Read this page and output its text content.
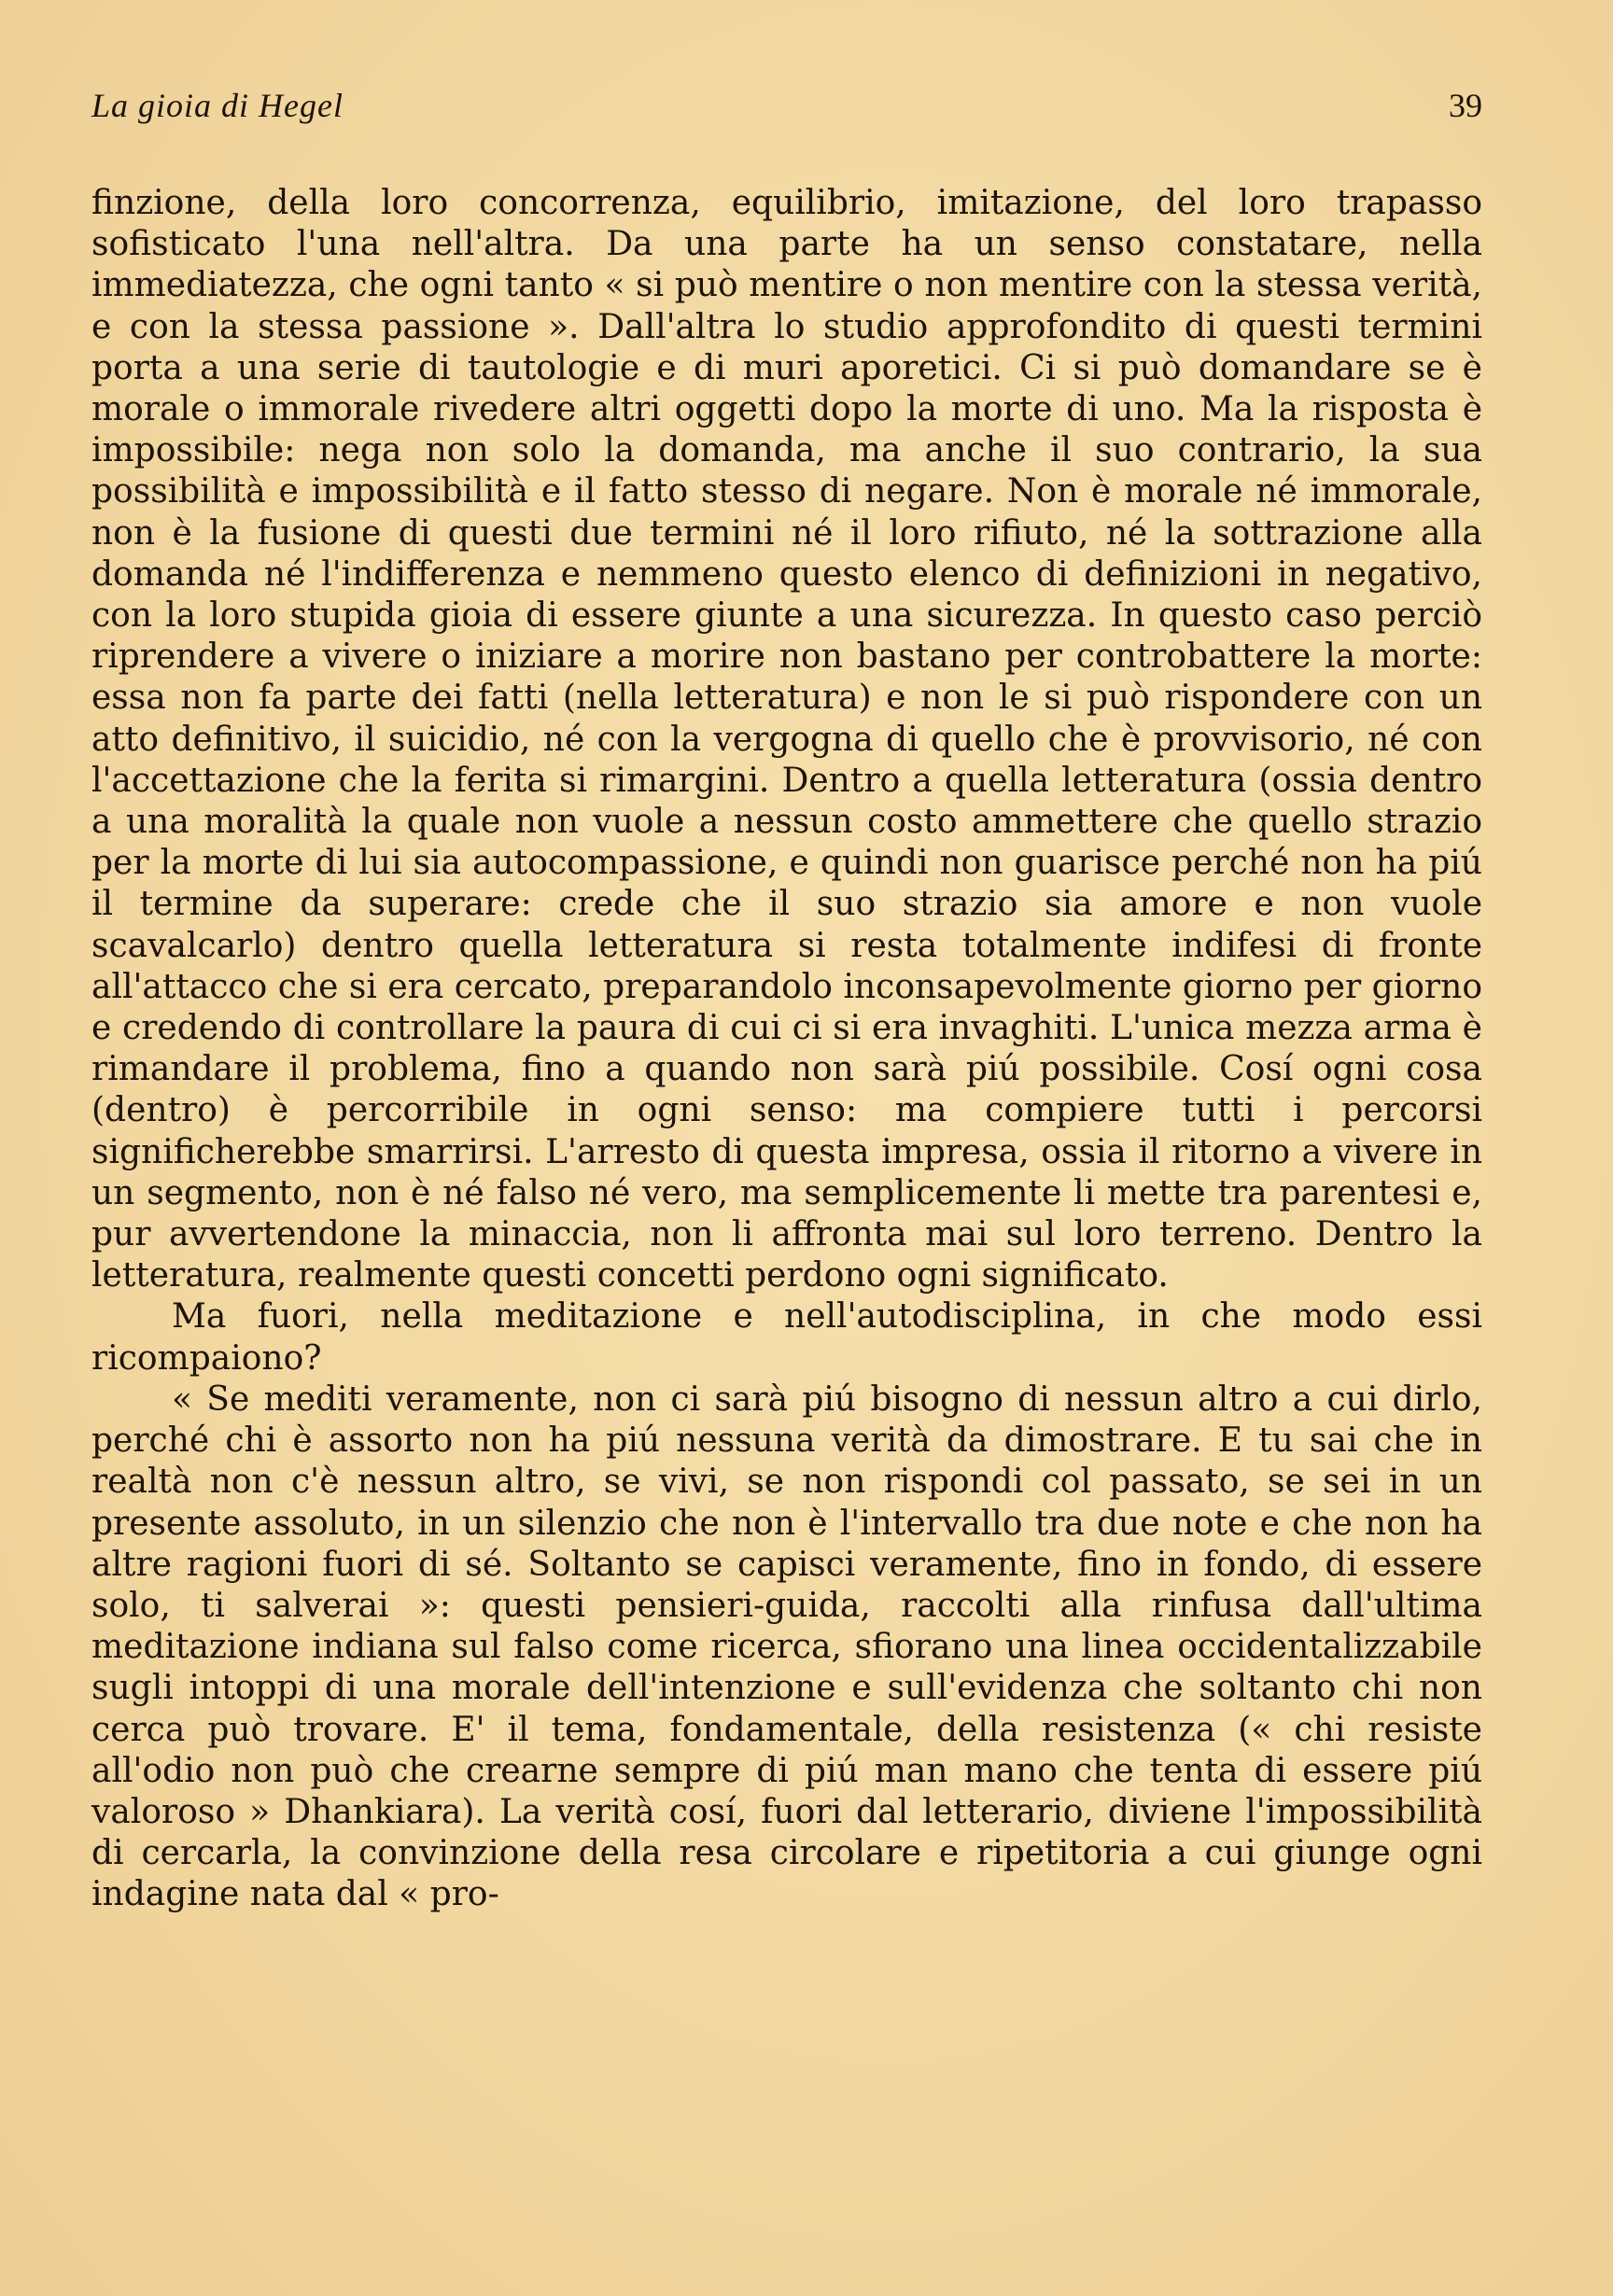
La gioia di Hegel	39

finzione, della loro concorrenza, equilibrio, imitazione, del loro trapasso sofisticato l'una nell'altra. Da una parte ha un senso constatare, nella immediatezza, che ogni tanto « si può mentire o non mentire con la stessa verità, e con la stessa passione ». Dall'altra lo studio approfondito di questi termini porta a una serie di tautologie e di muri aporetici. Ci si può domandare se è morale o immorale rivedere altri oggetti dopo la morte di uno. Ma la risposta è impossibile: nega non solo la domanda, ma anche il suo contrario, la sua possibilità e impossibilità e il fatto stesso di negare. Non è morale né immorale, non è la fusione di questi due termini né il loro rifiuto, né la sottrazione alla domanda né l'indifferenza e nemmeno questo elenco di definizioni in negativo, con la loro stupida gioia di essere giunte a una sicurezza. In questo caso perciò riprendere a vivere o iniziare a morire non bastano per controbattere la morte: essa non fa parte dei fatti (nella letteratura) e non le si può rispondere con un atto definitivo, il suicidio, né con la vergogna di quello che è provvisorio, né con l'accettazione che la ferita si rimargini. Dentro a quella letteratura (ossia dentro a una moralità la quale non vuole a nessun costo ammettere che quello strazio per la morte di lui sia autocompassione, e quindi non guarisce perché non ha piú il termine da superare: crede che il suo strazio sia amore e non vuole scavalcarlo) dentro quella letteratura si resta totalmente indifesi di fronte all'attacco che si era cercato, preparandolo inconsapevolmente giorno per giorno e credendo di controllare la paura di cui ci si era invaghiti. L'unica mezza arma è rimandare il problema, fino a quando non sarà piú possibile. Cosí ogni cosa (dentro) è percorribile in ogni senso: ma compiere tutti i percorsi significherebbe smarrirsi. L'arresto di questa impresa, ossia il ritorno a vivere in un segmento, non è né falso né vero, ma semplicemente li mette tra parentesi e, pur avvertendone la minaccia, non li affronta mai sul loro terreno. Dentro la letteratura, realmente questi concetti perdono ogni significato.

Ma fuori, nella meditazione e nell'autodisciplina, in che modo essi ricompaiono?

« Se mediti veramente, non ci sarà piú bisogno di nessun altro a cui dirlo, perché chi è assorto non ha piú nessuna verità da dimostrare. E tu sai che in realtà non c'è nessun altro, se vivi, se non rispondi col passato, se sei in un presente assoluto, in un silenzio che non è l'intervallo tra due note e che non ha altre ragioni fuori di sé. Soltanto se capisci veramente, fino in fondo, di essere solo, ti salverai »: questi pensieri-guida, raccolti alla rinfusa dall'ultima meditazione indiana sul falso come ricerca, sfiorano una linea occidentalizzabile sugli intoppi di una morale dell'intenzione e sull'evidenza che soltanto chi non cerca può trovare. E' il tema, fondamentale, della resistenza (« chi resiste all'odio non può che crearne sempre di piú man mano che tenta di essere piú valoroso » Dhankiara). La verità cosí, fuori dal letterario, diviene l'impossibilità di cercarla, la convinzione della resa circolare e ripetitoria a cui giunge ogni indagine nata dal « pro-
